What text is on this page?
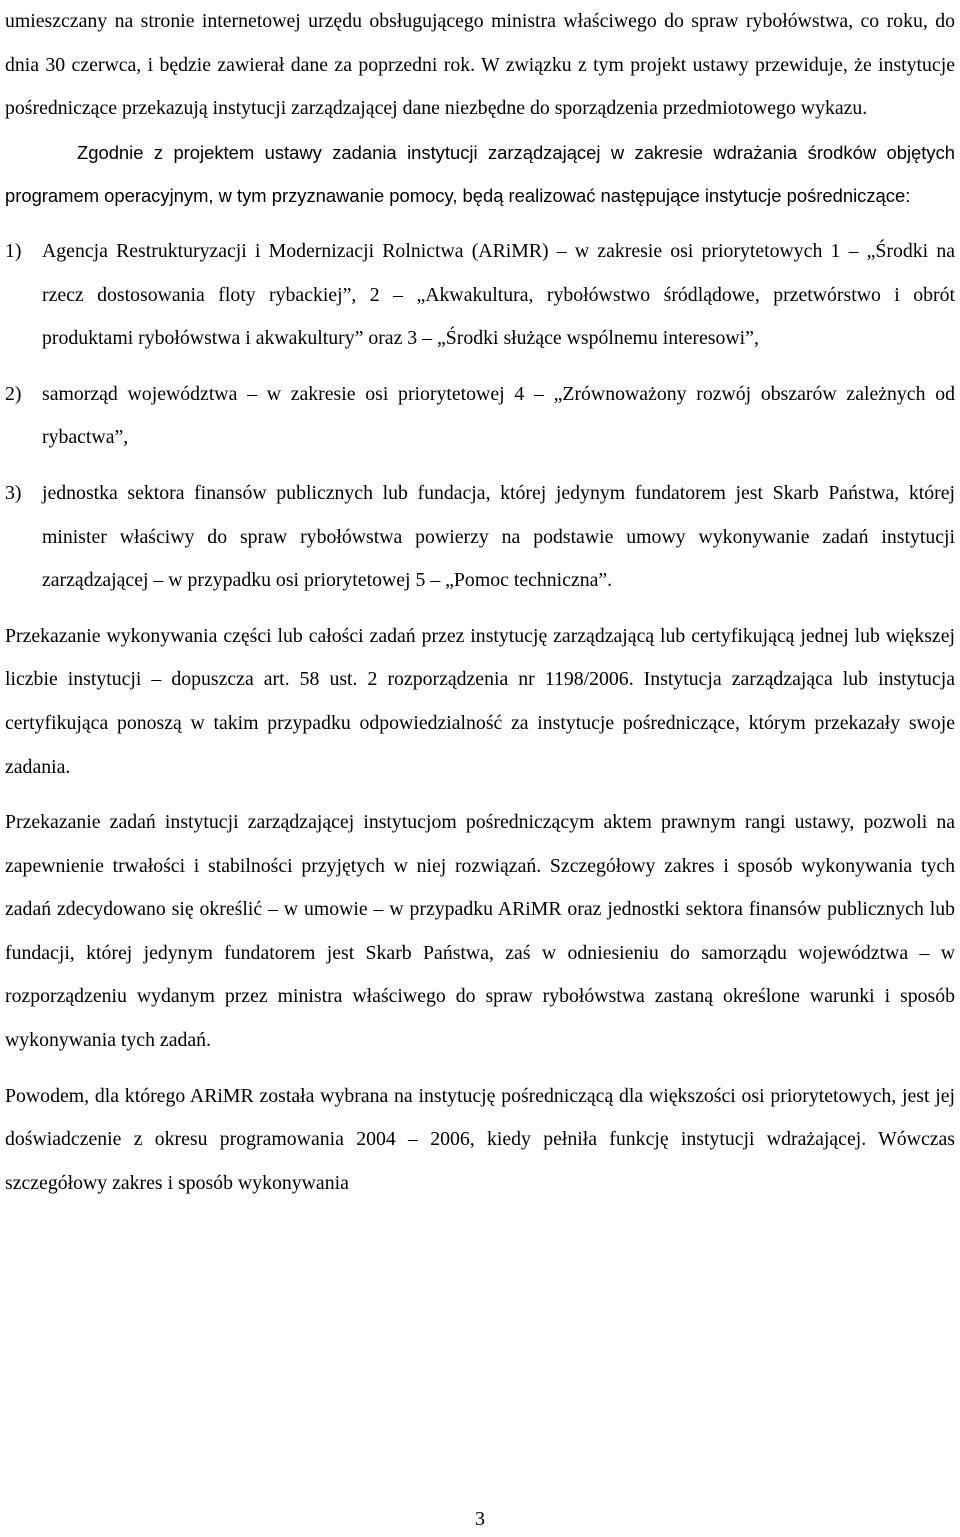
umieszczany na stronie internetowej urzędu obsługującego ministra właściwego do spraw rybołówstwa, co roku, do dnia 30 czerwca, i będzie zawierał dane za poprzedni rok. W związku z tym projekt ustawy przewiduje, że instytucje pośredniczące przekazują instytucji zarządzającej dane niezbędne do sporządzenia przedmiotowego wykazu.

Zgodnie z projektem ustawy zadania instytucji zarządzającej w zakresie wdrażania środków objętych programem operacyjnym, w tym przyznawanie pomocy, będą realizować następujące instytucje pośredniczące:

1) Agencja Restrukturyzacji i Modernizacji Rolnictwa (ARiMR) – w zakresie osi priorytetowych 1 – „Środki na rzecz dostosowania floty rybackiej”, 2 – „Akwakultura, rybołówstwo śródlądowe, przetwórstwo i obrót produktami rybołówstwa i akwakultury” oraz 3 – „Środki służące wspólnemu interesowi”,
2) samorząd województwa – w zakresie osi priorytetowej 4 – „Zrównoważony rozwój obszarów zależnych od rybactwa”,
3) jednostka sektora finansów publicznych lub fundacja, której jedynym fundatorem jest Skarb Państwa, której minister właściwy do spraw rybołówstwa powierzy na podstawie umowy wykonywanie zadań instytucji zarządzającej – w przypadku osi priorytetowej 5 – „Pomoc techniczna”.

Przekazanie wykonywania części lub całości zadań przez instytucję zarządzającą lub certyfikującą jednej lub większej liczbie instytucji – dopuszcza art. 58 ust. 2 rozporządzenia nr 1198/2006. Instytucja zarządzająca lub instytucja certyfikująca ponoszą w takim przypadku odpowiedzialność za instytucje pośredniczące, którym przekazały swoje zadania.

Przekazanie zadań instytucji zarządzającej instytucjom pośredniczącym aktem prawnym rangi ustawy, pozwoli na zapewnienie trwałości i stabilności przyjętych w niej rozwiązań. Szczegółowy zakres i sposób wykonywania tych zadań zdecydowano się określić – w umowie – w przypadku ARiMR oraz jednostki sektora finansów publicznych lub fundacji, której jedynym fundatorem jest Skarb Państwa, zaś w odniesieniu do samorządu województwa – w rozporządzeniu wydanym przez ministra właściwego do spraw rybołówstwa zastaną określone warunki i sposób wykonywania tych zadań.

Powodem, dla którego ARiMR została wybrana na instytucję pośredniczącą dla większości osi priorytetowych, jest jej doświadczenie z okresu programowania 2004 – 2006, kiedy pełniła funkcję instytucji wdrażającej. Wówczas szczegółowy zakres i sposób wykonywania

3
